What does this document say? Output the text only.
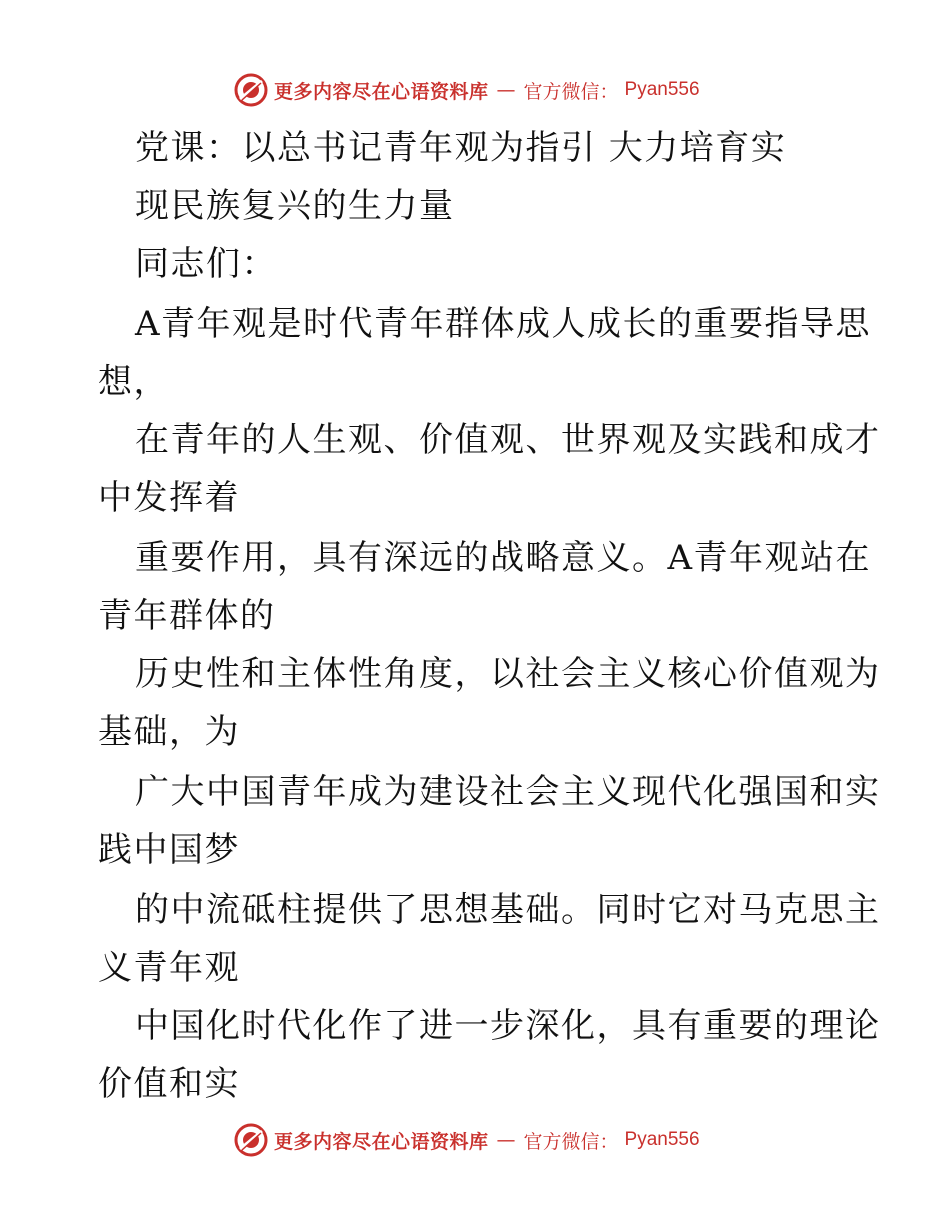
更多内容尽在心语资料库 — 官方微信： Pyan556
党课：以总书记青年观为指引 大力培育实
现民族复兴的生力量
同志们：
A青年观是时代青年群体成人成长的重要指导思
想，
在青年的人生观、价值观、世界观及实践和成才
中发挥着
重要作用，具有深远的战略意义。A青年观站在
青年群体的
历史性和主体性角度，以社会主义核心价值观为
基础，为
广大中国青年成为建设社会主义现代化强国和实
践中国梦
的中流砥柱提供了思想基础。同时它对马克思主
义青年观
中国化时代化作了进一步深化，具有重要的理论
价值和实
更多内容尽在心语资料库 — 官方微信： Pyan556
